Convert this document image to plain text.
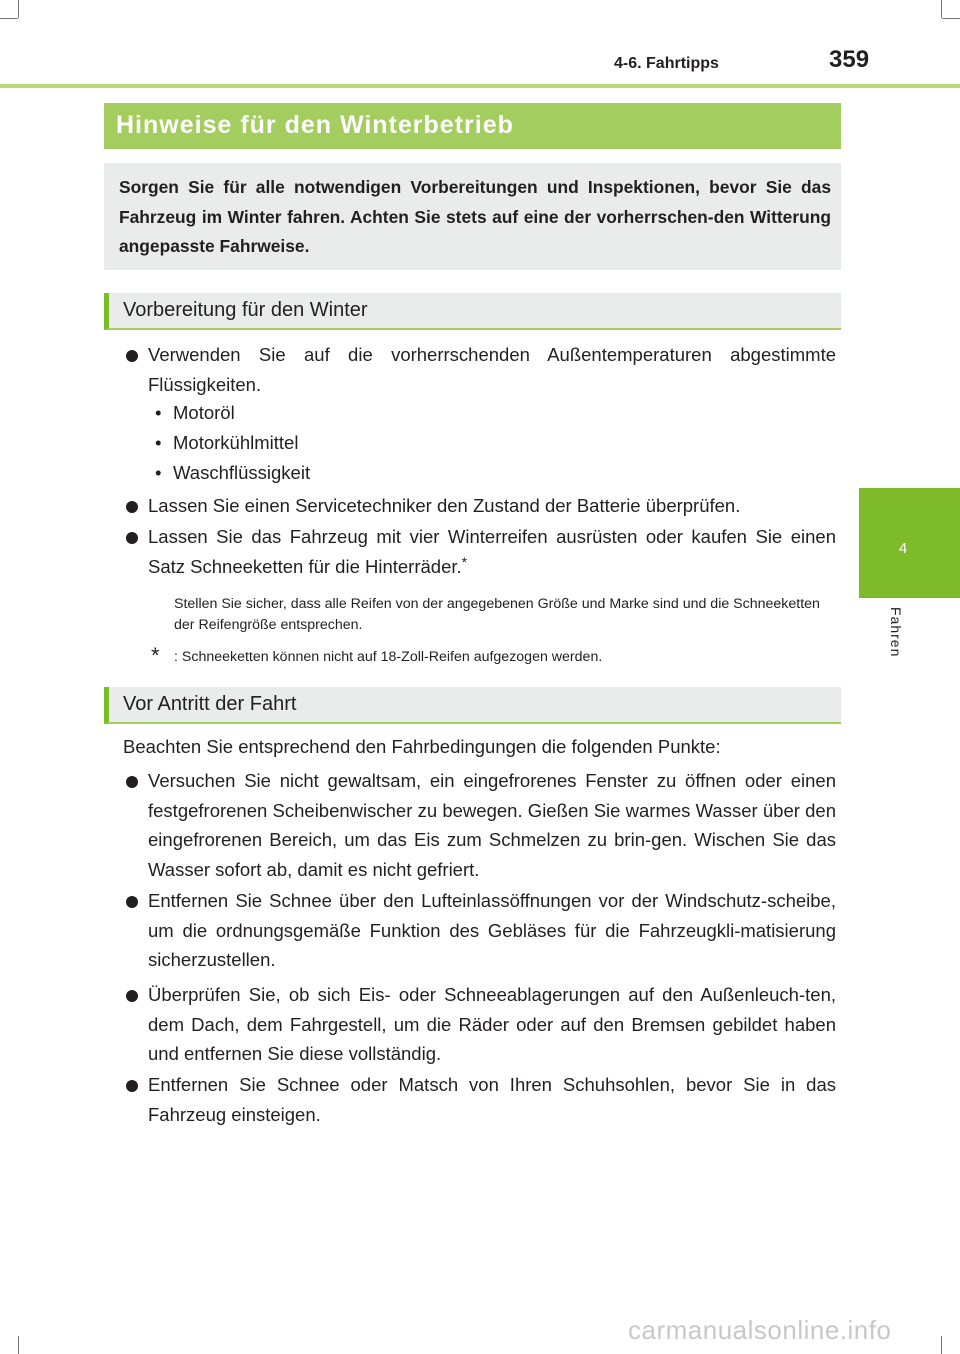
4-6. Fahrtipps	359
4
Fahren
Hinweise für den Winterbetrieb

Sorgen Sie für alle notwendigen Vorbereitungen und Inspektionen, bevor Sie das Fahrzeug im Winter fahren. Achten Sie stets auf eine der vorherrschen-den Witterung angepasste Fahrweise.

Vorbereitung für den Winter
Verwenden Sie auf die vorherrschenden Außentemperaturen abgestimmte Flüssigkeiten.
• Motoröl
• Motorkühlmittel
• Waschflüssigkeit
Lassen Sie einen Servicetechniker den Zustand der Batterie überprüfen.
Lassen Sie das Fahrzeug mit vier Winterreifen ausrüsten oder kaufen Sie einen Satz Schneeketten für die Hinterräder.*
Stellen Sie sicher, dass alle Reifen von der angegebenen Größe und Marke sind und die Schneeketten der Reifengröße entsprechen.
* : Schneeketten können nicht auf 18-Zoll-Reifen aufgezogen werden.
Vor Antritt der Fahrt
Beachten Sie entsprechend den Fahrbedingungen die folgenden Punkte:
Versuchen Sie nicht gewaltsam, ein eingefrorenes Fenster zu öffnen oder einen festgefrorenen Scheibenwischer zu bewegen. Gießen Sie warmes Wasser über den eingefrorenen Bereich, um das Eis zum Schmelzen zu brin-gen. Wischen Sie das Wasser sofort ab, damit es nicht gefriert.
Entfernen Sie Schnee über den Lufteinlassöffnungen vor der Windschutz-scheibe, um die ordnungsgemäße Funktion des Gebläses für die Fahrzeugkli-matisierung sicherzustellen.
Überprüfen Sie, ob sich Eis- oder Schneeablagerungen auf den Außenleuch-ten, dem Dach, dem Fahrgestell, um die Räder oder auf den Bremsen gebildet haben und entfernen Sie diese vollständig.
Entfernen Sie Schnee oder Matsch von Ihren Schuhsohlen, bevor Sie in das Fahrzeug einsteigen.
carmanualsonline.info
